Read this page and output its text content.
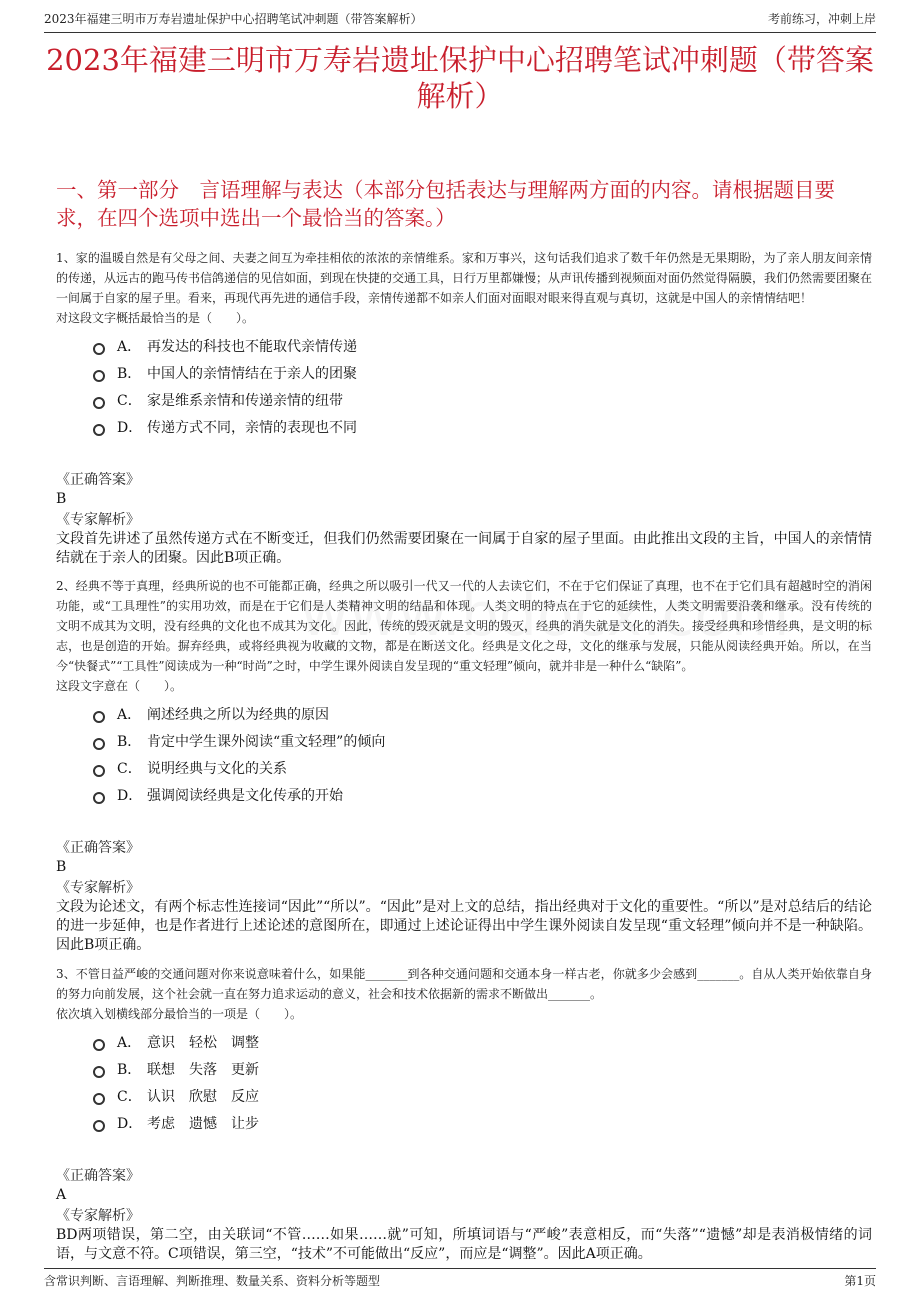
2023年福建三明市万寿岩遗址保护中心招聘笔试冲刺题（带答案解析）	考前练习，冲刺上岸
2023年福建三明市万寿岩遗址保护中心招聘笔试冲刺题（带答案解析）
一、第一部分　言语理解与表达（本部分包括表达与理解两方面的内容。请根据题目要求，在四个选项中选出一个最恰当的答案。）
1、家的温暖自然是有父母之间、夫妻之间互为牵挂相依的浓浓的亲情维系。家和万事兴，这句话我们追求了数千年仍然是无果期盼，为了亲人朋友间亲情的传递，从远古的跑马传书信鸽递信的见信如面，到现在快捷的交通工具，日行万里都嫌慢；从声讯传播到视频面对面仍然觉得隔膜，我们仍然需要团聚在一间属于自家的屋子里。看来，再现代再先进的通信手段，亲情传递都不如亲人们面对面眼对眼来得直观与真切，这就是中国人的亲情情结吧！
对这段文字概括最恰当的是（　　）。
A． 再发达的科技也不能取代亲情传递
B． 中国人的亲情情结在于亲人的团聚
C． 家是维系亲情和传递亲情的纽带
D． 传递方式不同，亲情的表现也不同
《正确答案》
B
《专家解析》
文段首先讲述了虽然传递方式在不断变迁，但我们仍然需要团聚在一间属于自家的屋子里面。由此推出文段的主旨，中国人的亲情情结就在于亲人的团聚。因此B项正确。
2、经典不等于真理，经典所说的也不可能都正确，经典之所以吸引一代又一代的人去读它们，不在于它们保证了真理，也不在于它们具有超越时空的消闲功能，或“工具理性”的实用功效，而是在于它们是人类精神文明的结晶和体现。人类文明的特点在于它的延续性，人类文明需要沿袭和继承。没有传统的文明不成其为文明，没有经典的文化也不成其为文化。因此，传统的毁灭就是文明的毁灭，经典的消失就是文化的消失。接受经典和珍惜经典，是文明的标志，也是创造的开始。摒弃经典，或将经典视为收藏的文物，都是在断送文化。经典是文化之母，文化的继承与发展，只能从阅读经典开始。所以，在当今“快餐式”“工具性”阅读成为一种“时尚”之时，中学生课外阅读自发呈现的“重文轻理”倾向，就并非是一种什么“缺陷”。
这段文字意在（　　）。
A． 阐述经典之所以为经典的原因
B． 肯定中学生课外阅读“重文轻理”的倾向
C． 说明经典与文化的关系
D． 强调阅读经典是文化传承的开始
《正确答案》
B
《专家解析》
文段为论述文，有两个标志性连接词“因此”“所以”。“因此”是对上文的总结，指出经典对于文化的重要性。“所以”是对总结后的结论的进一步延伸，也是作者进行上述论述的意图所在，即通过上述论证得出中学生课外阅读自发呈现“重文轻理”倾向并不是一种缺陷。因此B项正确。
3、不管日益严峻的交通问题对你来说意味着什么，如果能_______到各种交通问题和交通本身一样古老，你就多少会感到_______。自从人类开始依靠自身的努力向前发展，这个社会就一直在努力追求运动的意义，社会和技术依据新的需求不断做出_______。
依次填入划横线部分最恰当的一项是（　　）。
A． 意识　轻松　调整
B． 联想　失落　更新
C． 认识　欣慰　反应
D． 考虑　遗憾　让步
《正确答案》
A
《专家解析》
BD两项错误，第二空，由关联词“不管……如果……就”可知，所填词语与“严峻”表意相反，而“失落”“遗憾”却是表消极情绪的词语，与文意不符。C项错误，第三空，“技术”不可能做出“反应”，而应是“调整”。因此A项正确。
含常识判断、言语理解、判断推理、数量关系、资料分析等题型	第1页
